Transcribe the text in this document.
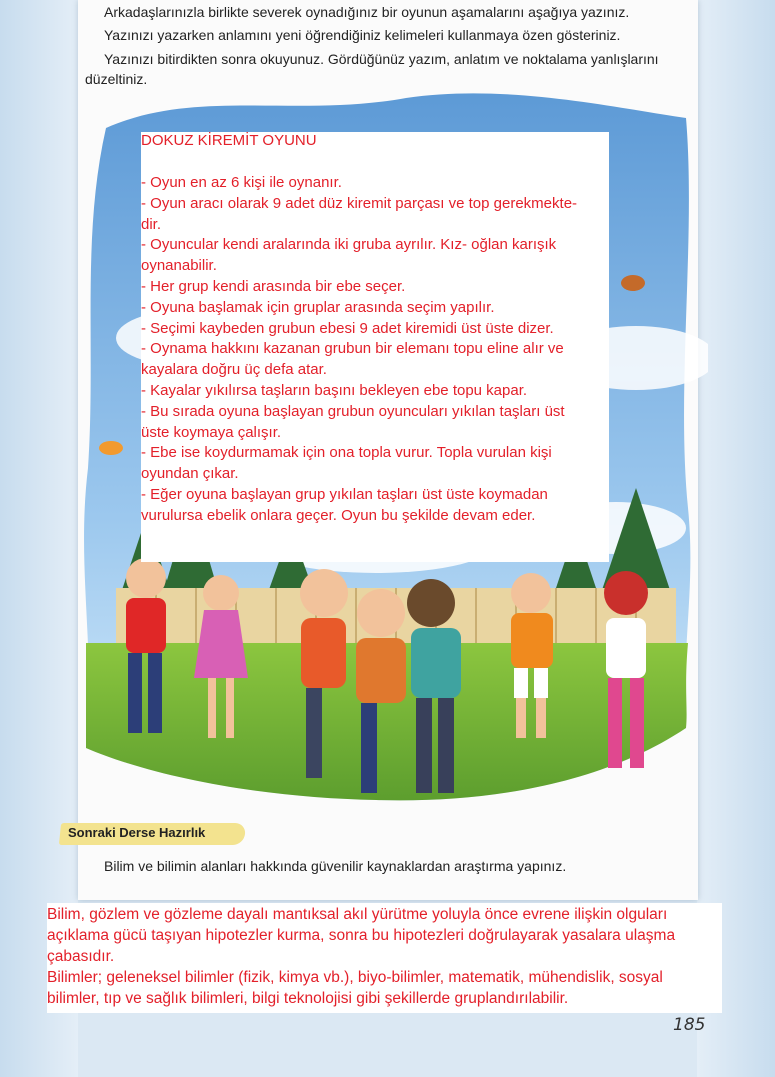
Arkadaşlarınızla birlikte severek oynadığınız bir oyunun aşamalarını aşağıya yazınız.
Yazınızı yazarken anlamını yeni öğrendiğiniz kelimeleri kullanmaya özen gösteriniz.
Yazınızı bitirdikten sonra okuyunuz. Gördüğünüz yazım, anlatım ve noktalama yanlışlarını
düzeltiniz.
DOKUZ KİREMİT OYUNU
- Oyun en az 6 kişi ile oynanır.
- Oyun aracı olarak 9 adet düz kiremit parçası ve top gerekmekte-
dir.
- Oyuncular kendi aralarında iki gruba ayrılır. Kız- oğlan karışık
oynanabilir.
- Her grup kendi arasında bir ebe seçer.
- Oyuna başlamak için gruplar arasında seçim yapılır.
- Seçimi kaybeden grubun ebesi 9 adet kiremidi üst üste dizer.
- Oynama hakkını kazanan grubun bir elemanı topu eline alır ve
kayalara doğru üç defa atar.
- Kayalar yıkılırsa taşların başını bekleyen ebe topu kapar.
- Bu sırada oyuna başlayan grubun oyuncuları yıkılan taşları üst
üste koymaya çalışır.
- Ebe ise koydurmamak için ona topla vurur. Topla vurulan kişi
oyundan çıkar.
- Eğer oyuna başlayan grup yıkılan taşları üst üste koymadan
vurulursa ebelik onlara geçer. Oyun bu şekilde devam eder.
Sonraki Derse Hazırlık
Bilim ve bilimin alanları hakkında güvenilir kaynaklardan araştırma yapınız.
Bilim, gözlem ve gözleme dayalı mantıksal akıl yürütme yoluyla önce evrene ilişkin olguları
açıklama gücü taşıyan hipotezler kurma, sonra bu hipotezleri doğrulayarak yasalara ulaşma
çabasıdır.
Bilimler; geleneksel bilimler (fizik, kimya vb.), biyo-bilimler, matematik, mühendislik, sosyal
bilimler, tıp ve sağlık bilimleri, bilgi teknolojisi gibi şekillerde gruplandırılabilir.
185
